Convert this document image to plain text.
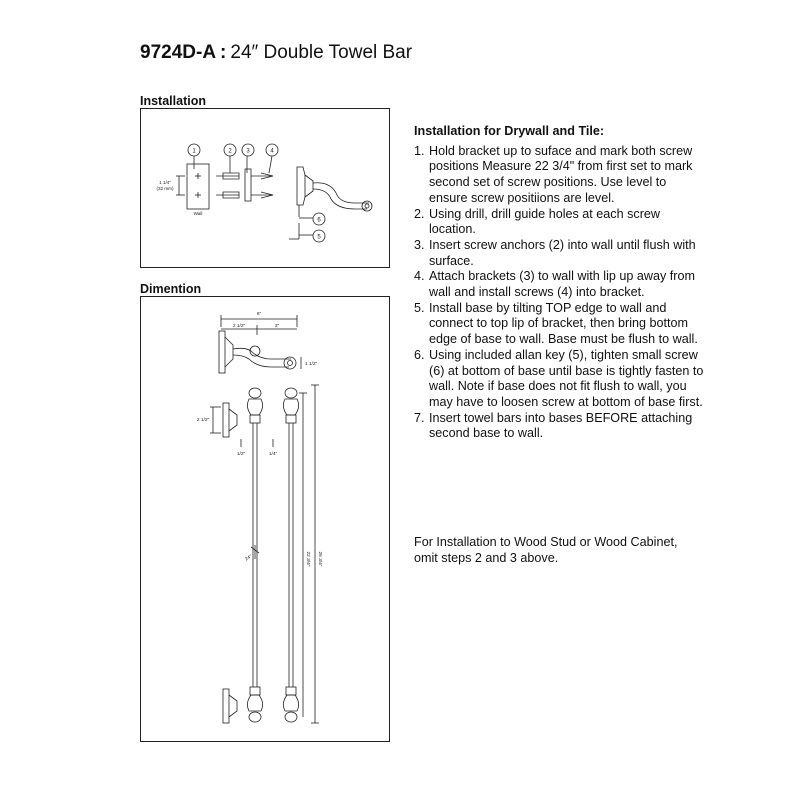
9724D-A : 24″ Double Towel Bar
Installation
1	2 3	4
6
5
1 1/4"
(32 mm)
Wall
Dimention
6"
2 1/2"	3"
1 1/2"
2 1/2"
1/2"	1/4"
22 3/4" 26 3/4"
24"
Installation for Drywall and Tile:
1. Hold bracket up to suface and mark both screw positions Measure 22 3/4" from first set to mark second set of screw positions. Use level to ensure screw positiions are level.
2. Using drill, drill guide holes at each screw location.
3. Insert screw anchors (2) into wall until flush with surface.
4. Attach brackets (3) to wall with lip up away from wall and install screws (4) into bracket.
5. Install base by tilting TOP edge to wall and connect to top lip of bracket, then bring bottom edge of base to wall. Base must be flush to wall.
6. Using included allan key (5), tighten small screw (6) at bottom of base until base is tightly fasten to wall. Note if base does not fit flush to wall, you may have to loosen screw at bottom of base first.
7. Insert towel bars into bases BEFORE attaching second base to wall.
For Installation to Wood Stud or Wood Cabinet, omit steps 2 and 3 above.
